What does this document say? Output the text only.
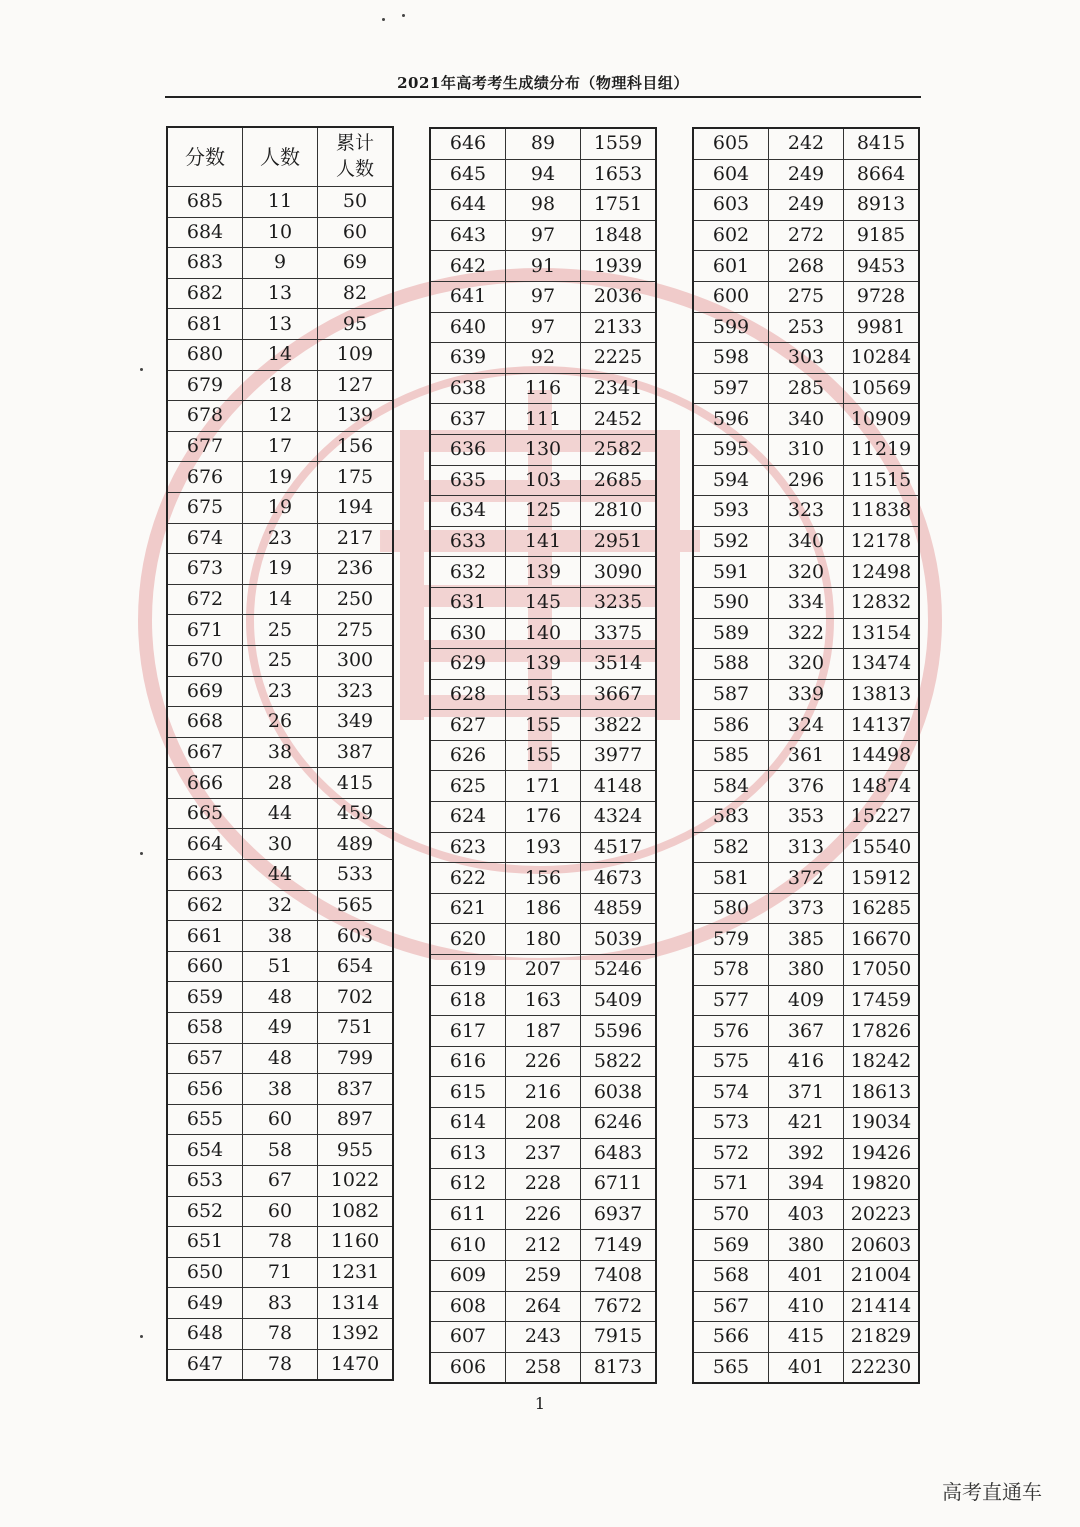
2021年高考考生成绩分布（物理科目组）
分数	人数	累计
人数
685	11	50
684	10	60
683	9	69
682	13	82
681	13	95
680	14	109
679	18	127
678	12	139
677	17	156
676	19	175
675	19	194
674	23	217
673	19	236
672	14	250
671	25	275
670	25	300
669	23	323
668	26	349
667	38	387
666	28	415
665	44	459
664	30	489
663	44	533
662	32	565
661	38	603
660	51	654
659	48	702
658	49	751
657	48	799
656	38	837
655	60	897
654	58	955
653	67	1022
652	60	1082
651	78	1160
650	71	1231
649	83	1314
648	78	1392
647	78	1470
646	89	1559
645	94	1653
644	98	1751
643	97	1848
642	91	1939
641	97	2036
640	97	2133
639	92	2225
638	116	2341
637	111	2452
636	130	2582
635	103	2685
634	125	2810
633	141	2951
632	139	3090
631	145	3235
630	140	3375
629	139	3514
628	153	3667
627	155	3822
626	155	3977
625	171	4148
624	176	4324
623	193	4517
622	156	4673
621	186	4859
620	180	5039
619	207	5246
618	163	5409
617	187	5596
616	226	5822
615	216	6038
614	208	6246
613	237	6483
612	228	6711
611	226	6937
610	212	7149
609	259	7408
608	264	7672
607	243	7915
606	258	8173
605	242	8415
604	249	8664
603	249	8913
602	272	9185
601	268	9453
600	275	9728
599	253	9981
598	303	10284
597	285	10569
596	340	10909
595	310	11219
594	296	11515
593	323	11838
592	340	12178
591	320	12498
590	334	12832
589	322	13154
588	320	13474
587	339	13813
586	324	14137
585	361	14498
584	376	14874
583	353	15227
582	313	15540
581	372	15912
580	373	16285
579	385	16670
578	380	17050
577	409	17459
576	367	17826
575	416	18242
574	371	18613
573	421	19034
572	392	19426
571	394	19820
570	403	20223
569	380	20603
568	401	21004
567	410	21414
566	415	21829
565	401	22230
1
高考直通车
